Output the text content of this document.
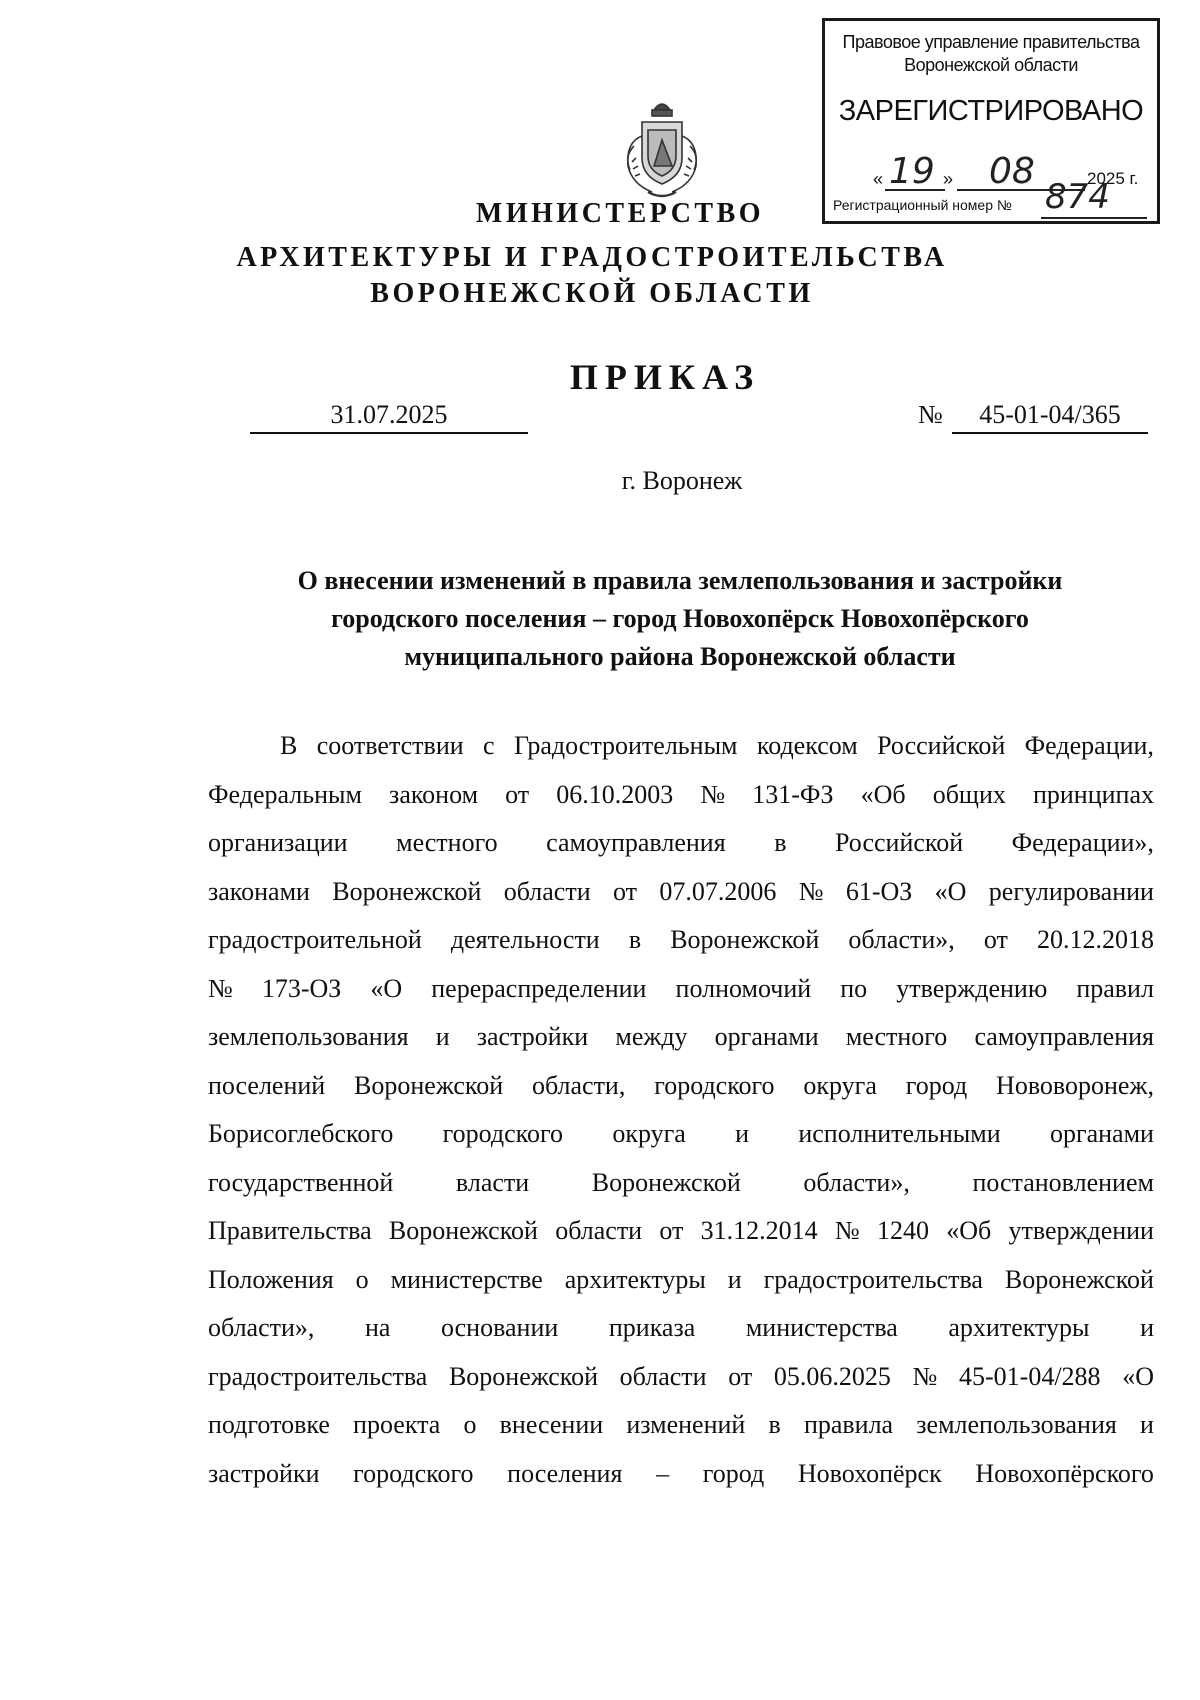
Правовое управление правительства
Воронежской области
ЗАРЕГИСТРИРОВАНО
« 19 » 08	2025 г.
Регистрационный номер № 874
МИНИСТЕРСТВО
АРХИТЕКТУРЫ И ГРАДОСТРОИТЕЛЬСТВА
ВОРОНЕЖСКОЙ ОБЛАСТИ
ПРИКАЗ
31.07.2025	№	45-01-04/365
г. Воронеж
О внесении изменений в правила землепользования и застройки
городского поселения – город Новохопёрск Новохопёрского
муниципального района Воронежской области
В соответствии с Градостроительным кодексом Российской Федерации,
Федеральным законом от 06.10.2003 № 131-ФЗ «Об общих принципах
организации местного самоуправления в Российской Федерации»,
законами Воронежской области от 07.07.2006 № 61-ОЗ «О регулировании
градостроительной деятельности в Воронежской области», от 20.12.2018
№ 173-ОЗ «О перераспределении полномочий по утверждению правил
землепользования и застройки между органами местного самоуправления
поселений Воронежской области, городского округа город Нововоронеж,
Борисоглебского городского округа и исполнительными органами
государственной власти Воронежской области», постановлением
Правительства Воронежской области от 31.12.2014 № 1240 «Об утверждении
Положения о министерстве архитектуры и градостроительства Воронежской
области», на основании приказа министерства архитектуры и
градостроительства Воронежской области от 05.06.2025 № 45-01-04/288 «О
подготовке проекта о внесении изменений в правила землепользования и
застройки городского поселения – город Новохопёрск Новохопёрского
